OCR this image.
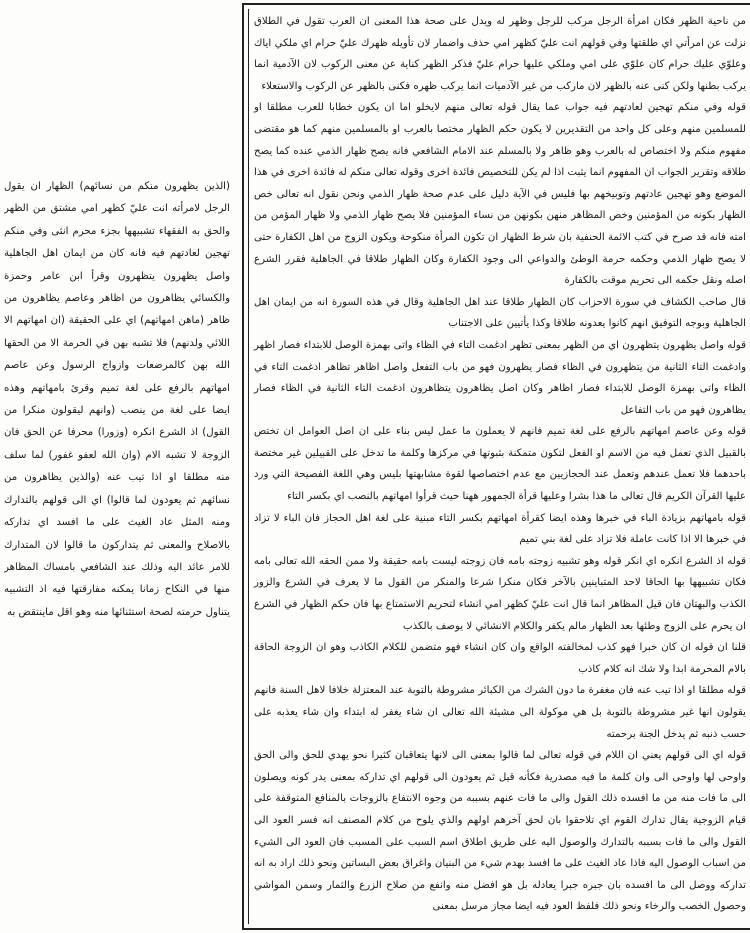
من ناحية الظهر فكان امرأة الرجل مركب للرجل وظهر له ويدل على صحة هذا المعنى ان العرب تقول في الطلاق نزلت عن امرأتي اي طلقتها وفي قولهم انت عليّ كظهر امي حذف واضمار لان تأويله ظهرك عليّ حرام اي ملكي اياك وعلوّي عليك حرام كان علوّي على امي وملكي عليها حرام عليّ فذكر الظهر كناية عن معنى الركوب لان الآدمية انما يركب بطنها ولكن كنى عنه بالظهر لان ماركب من غير الآدميات انما يركب ظهره فكنى بالظهر عن الركوب والاستعلاء

قوله وفي منكم تهجين لعادتهم فيه جواب عما يقال قوله تعالى منهم لايخلو اما ان يكون خطابا للعرب مطلقا او للمسلمين منهم وعلى كل واحد من التقديرين لا يكون حكم الظهار مختصا بالعرب او بالمسلمين منهم كما هو مقتضى مفهوم منكم ولا اختصاص له بالعرب وهو ظاهر ولا بالمسلم عند الامام الشافعي فانه يصح ظهار الذمي عنده كما يصح طلاقه وتقرير الجواب ان المفهوم انما يثبت اذا لم يكن للتخصيص فائدة اخرى وقوله تعالى منكم له فائدة اخرى في هذا الموضع وهو تهجين عادتهم وتوبيخهم بها فليس في الآية دليل على عدم صحة ظهار الذمي ونحن نقول انه تعالى خص الظهار بكونه من المؤمنين وخص المظاهر منهن بكونهن من نساء المؤمنين فلا يصح ظهار الذمي ولا ظهار المؤمن من امته فانه قد صرح في كتب الائمة الحنفية بان شرط الظهار ان تكون المرأة منكوحة ويكون الزوج من اهل الكفارة حتى لا يصح ظهار الذمي وحكمه حرمة الوطئ والدواعي الى وجود الكفارة وكان الظهار طلاقا في الجاهلية فقرر الشرع اصله ونقل حكمه الى تحريم موقت بالكفارة

قال صاحب الكشاف في سورة الاحزاب كان الظهار طلاقا عند اهل الجاهلية وقال في هذه السورة انه من ايمان اهل الجاهلية وبوجه التوفيق انهم كانوا يعدونه طلاقا وكذا يأتيين على الاجتناب

قوله واصل يظهرون يتظهرون اي من الظهر بمعنى تظهر ادغمت التاء في الظاء واتى بهمزة الوصل للابتداء فصار اظهر وادغمت التاء الثانية من يتظهرون في الظاء فصار يظهرون فهو من باب التفعل واصل اظاهر تظاهر ادغمت التاء في الظاء واتى بهمزة الوصل للابتداء فصار اظاهر وكان اصل يظاهرون يتظاهرون ادغمت التاء الثانية في الظاء فصار يظاهرون فهو من باب التفاعل

قوله وعن عاصم امهاتهم بالرفع على لغة تميم فانهم لا يعملون ما عمل ليس بناء على ان اصل العوامل ان تختص بالقبيل الذي تعمل فيه من الاسم او الفعل لتكون متمكنة بثبوتها في مركزها وكلمة ما تدخل على القبيلين غير مختصة باحدهما فلا تعمل عندهم وتعمل عند الحجازيين مع عدم اختصاصها لقوة مشابهتها بليس وهي اللغة الفصيحة التي ورد عليها القرآن الكريم قال تعالى ما هذا بشرا وعليها قرأة الجمهور ههنا حيث قرأوا امهاتهم بالنصب اي بكسر التاء

قوله بامهاتهم بزيادة الباء في خبرها وهذه ايضا كقرأة امهاتهم بكسر التاء مبنية على لغة اهل الحجاز فان الباء لا تزاد في خبرها الا اذا كانت عاملة فلا تزاد على لغة بني تميم

قوله اذ الشرع انكره اي انكر قوله وهو تشبيه زوجته بامه فان زوجته ليست بامه حقيقة ولا ممن الحقه الله تعالى بامه فكان تشبيهها بها الحاقا لاحد المتباينين بالآخر فكان منكرا شرعا والمنكر من القول ما لا يعرف في الشرع والزور الكذب والبهتان فان قيل المظاهر انما قال انت عليّ كظهر امي انشاء لتحريم الاستمتاع بها فان حكم الظهار في الشرع ان يحرم على الزوج وطئها بعد الظهار مالم يكفر والكلام الانشائي لا يوصف بالكذب

قلنا ان قوله ان كان خبرا فهو كذب لمخالفته الواقع وان كان انشاء فهو متضمن للكلام الكاذب وهو ان الزوجة الحاقة بالام المحرمة ابدا ولا شك انه كلام كاذب

قوله مطلقا او اذا تيب عنه فان مغفرة ما دون الشرك من الكبائر مشروطة بالتوبة عند المعتزلة خلافا لاهل السنة فانهم يقولون انها غير مشروطة بالتوبة بل هي موكولة الى مشيئة الله تعالى ان شاء يغفر له ابتداء وان شاء يعذبه على حسب ذنبه ثم يدخل الجنة برحمته

قوله اي الى قولهم يعني ان اللام في قوله تعالى لما قالوا بمعنى الى لانها يتعاقبان كثيرا نحو يهدي للحق والى الحق واوحى لها واوحى الى وان كلمة ما فيه مصدرية فكأنه قيل ثم يعودون الى قولهم اي تداركه بمعنى يدر كونه ويصلون الى ما فات منه من ما افسده ذلك القول والى ما فات عنهم بسببه من وجوه الانتفاع بالزوجات بالمنافع المتوقفة على قيام الزوجية يقال تدارك القوم اي تلاحقوا بان لحق آخرهم اولهم والذي يلوح من كلام المصنف انه فسر العود الى القول والى ما فات بسببه بالتدارك والوصول اليه على طريق اطلاق اسم السبب على المسبب فان العود الى الشيء من اسباب الوصول اليه فاذا عاد الغيث على ما افسد بهدم شيء من البنيان واغراق بعض البساتين ونحو ذلك اراد به انه تداركه ووصل الى ما افسده بان جبره جبرا يعادله بل هو افضل منه وانفع من صلاح الزرع والثمار وسمن المواشي وحصول الخصب والرخاء ونحو ذلك فلفظ العود فيه ايضا مجاز مرسل بمعنى

(الذين يظهرون منكم من نسائهم) الظهار ان يقول الرجل لامرأته انت عليّ كظهر امي مشتق من الظهر والحق به الفقهاء تشبيهها بجزء محرم انثى وفي منكم تهجين لعادتهم فيه فانه كان من ايمان اهل الجاهلية واصل يظهرون يتظهرون وقرأ ابن عامر وحمزة والكسائي يظاهرون من اظاهر وعاصم يظاهرون من ظاهر (ماهن امهاتهم) اي على الحقيقة (ان امهاتهم الا اللائي ولدنهم) فلا تشبه بهن في الحرمة الا من الحقها الله بهن كالمرضعات وازواج الرسول وعن عاصم امهاتهم بالرفع على لغة تميم وقرئ بامهاتهم وهذه ايضا على لغة من ينصب (وانهم ليقولون منكرا من القول) اذ الشرع انكره (وزورا) محرفا عن الحق فان الزوجة لا تشبه الام (وان الله لعفو غفور) لما سلف منه مطلقا او اذا تيب عنه (والذين يظاهرون من نسائهم ثم يعودون لما قالوا) اي الى قولهم بالتدارك ومنه المثل عاد الغيث على ما افسد اي تداركه بالاصلاح والمعنى ثم يتداركون ما قالوا لان المتدارك للامر عائد اليه وذلك عند الشافعي بامساك المظاهر منها في النكاح زمانا يمكنه مفارقتها فيه اذ التشبيه يتناول حرمته لصحة استثنائها منه وهو اقل ماينتقض به
